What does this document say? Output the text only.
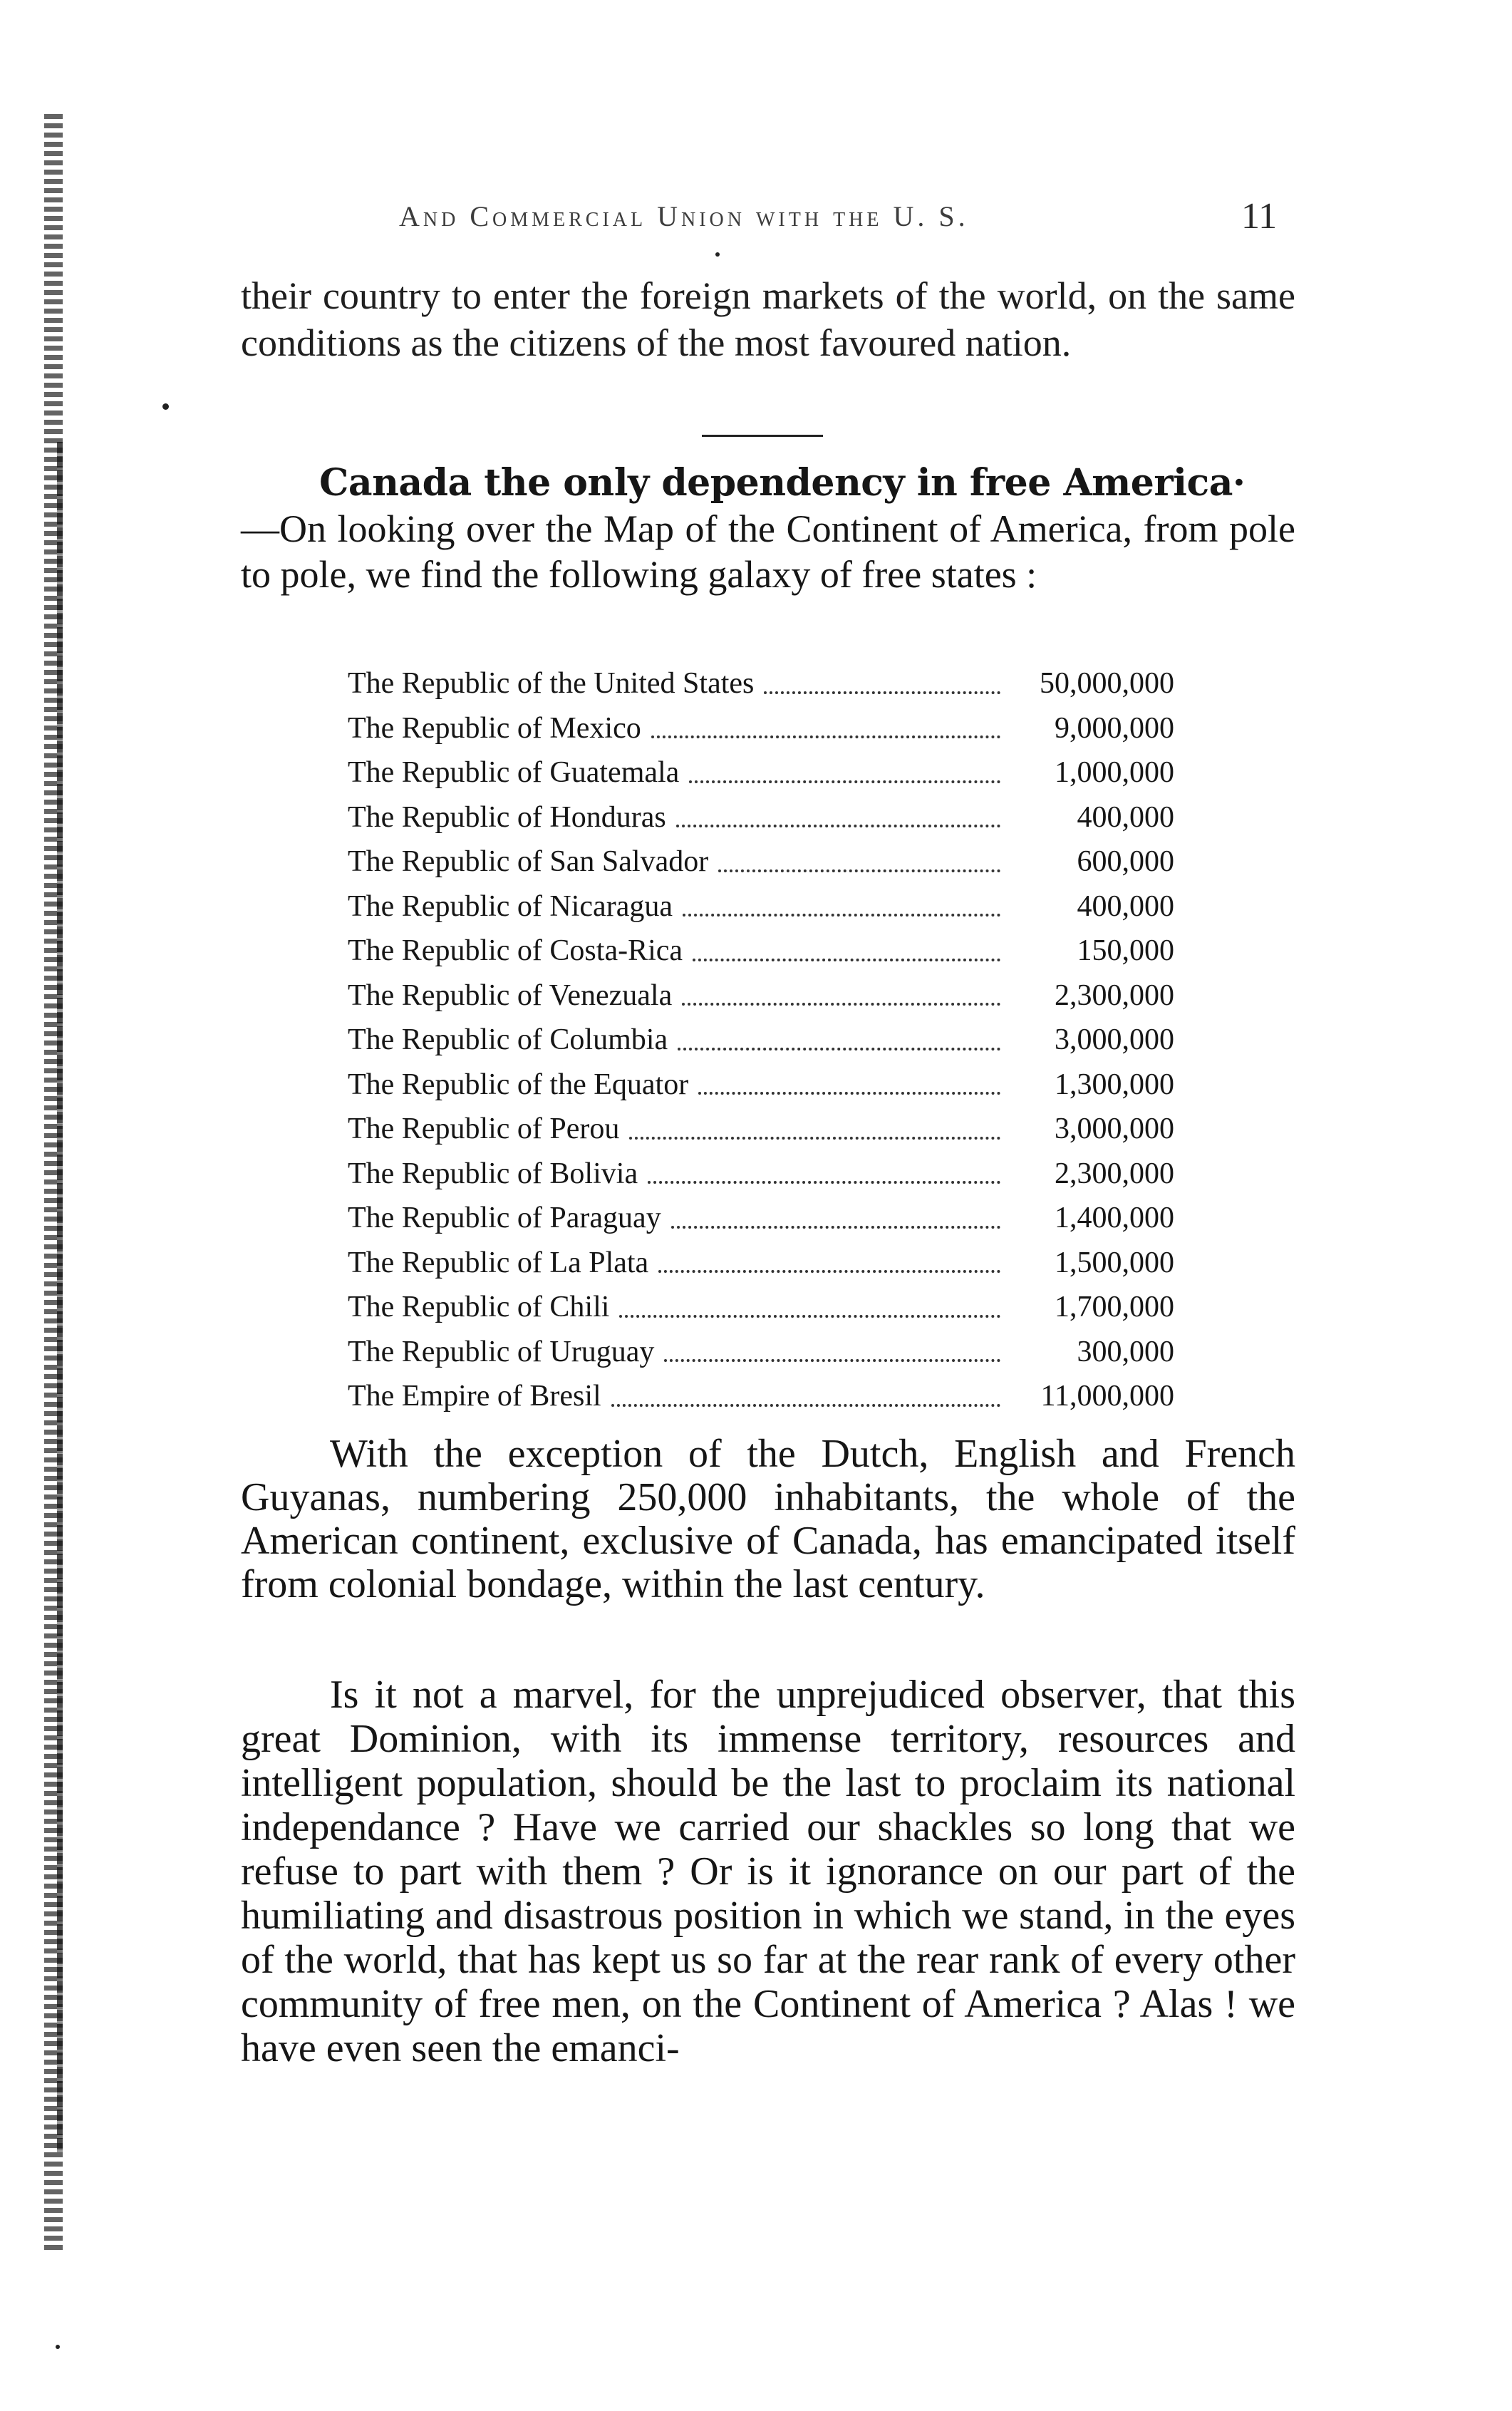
And Commercial Union with the U. S.	11
their country to enter the foreign markets of the world, on the same conditions as the citizens of the most favoured nation.
Canada the only dependency in free America·
—On looking over the Map of the Continent of America, from pole to pole, we find the following galaxy of free states :
The Republic of the United States	50,000,000
The Republic of Mexico	9,000,000
The Republic of Guatemala	1,000,000
The Republic of Honduras	400,000
The Republic of San Salvador	600,000
The Republic of Nicaragua	400,000
The Republic of Costa-Rica	150,000
The Republic of Venezuala	2,300,000
The Republic of Columbia	3,000,000
The Republic of the Equator	1,300,000
The Republic of Perou	3,000,000
The Republic of Bolivia	2,300,000
The Republic of Paraguay	1,400,000
The Republic of La Plata	1,500,000
The Republic of Chili	1,700,000
The Republic of Uruguay	300,000
The Empire of Bresil	11,000,000
With the exception of the Dutch, English and French Guyanas, numbering 250,000 inhabitants, the whole of the American continent, exclusive of Canada, has emancipated itself from colonial bondage, within the last century.
Is it not a marvel, for the unprejudiced observer, that this great Dominion, with its immense territory, resources and intelligent population, should be the last to proclaim its national independance ? Have we carried our shackles so long that we refuse to part with them ? Or is it ignorance on our part of the humiliating and disastrous position in which we stand, in the eyes of the world, that has kept us so far at the rear rank of every other community of free men, on the Continent of America ? Alas ! we have even seen the emanci-
